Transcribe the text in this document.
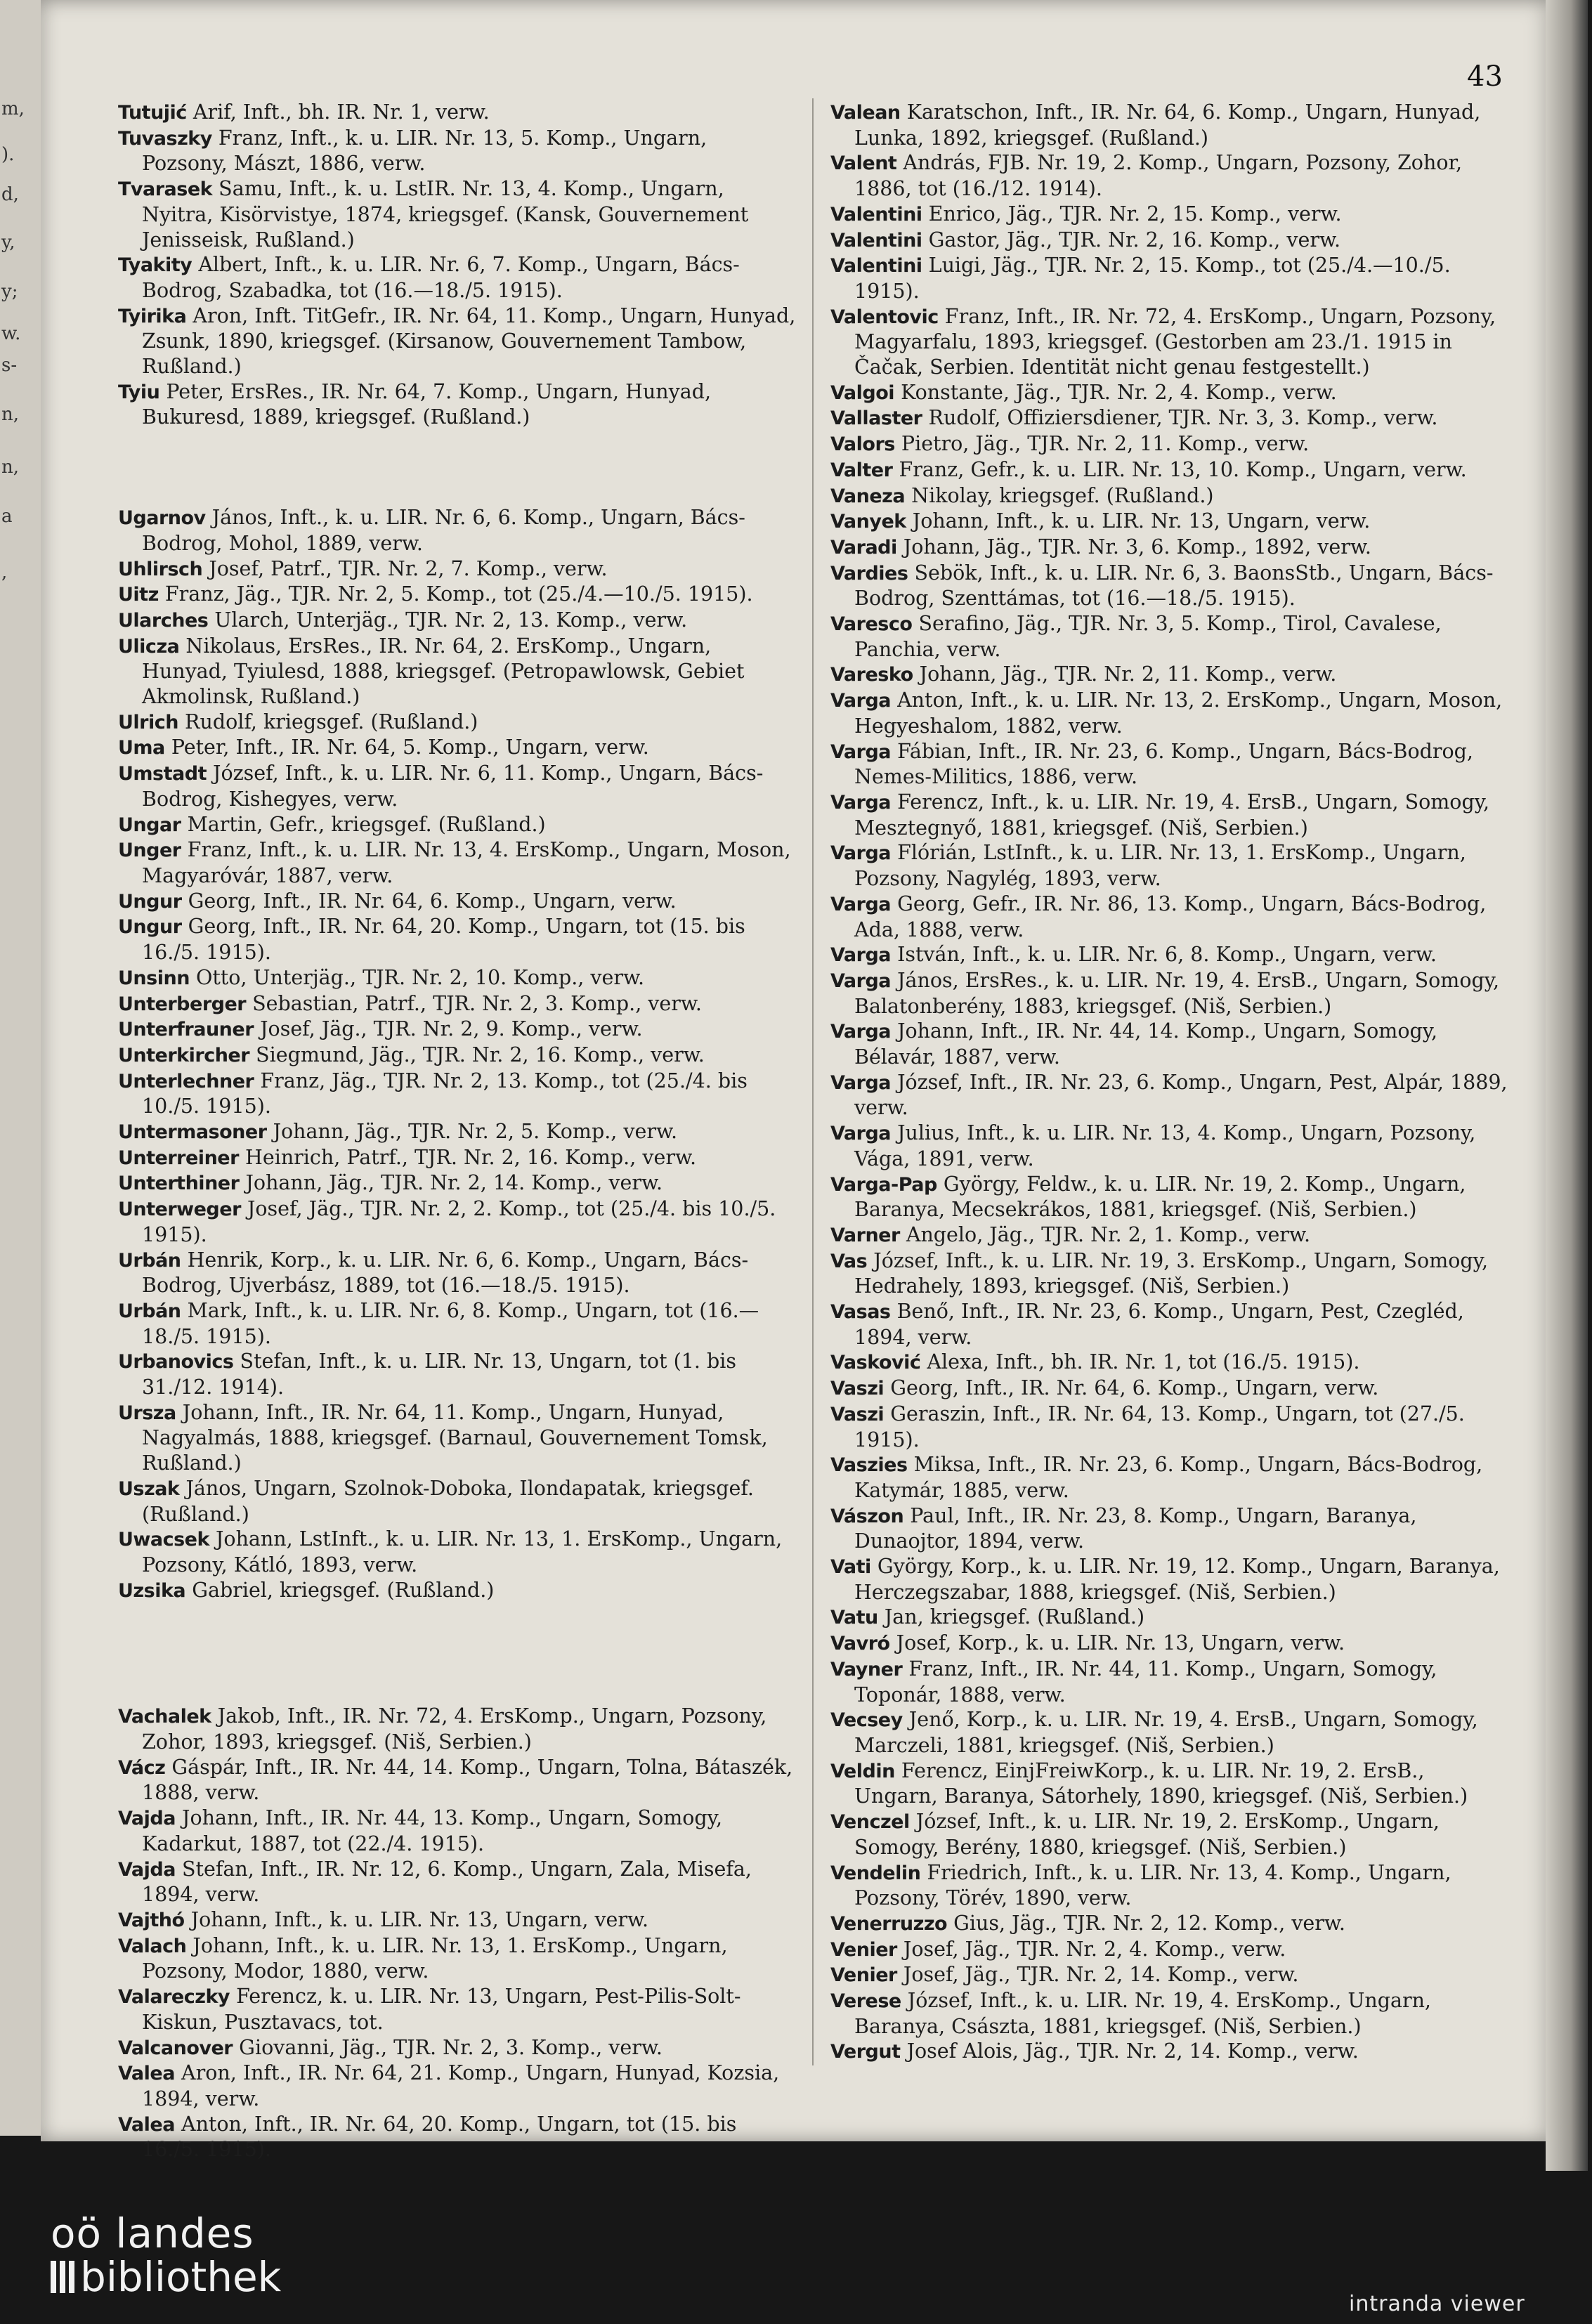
m,
).
d,
y,
y;
w.
s-
n,
n,
a
,
43

Tutujić Arif, Inft., bh. IR. Nr. 1, verw.

Tuvaszky Franz, Inft., k. u. LIR. Nr. 13, 5. Komp., Ungarn, Pozsony, Mászt, 1886, verw.

Tvarasek Samu, Inft., k. u. LstIR. Nr. 13, 4. Komp., Ungarn, Nyitra, Kisörvistye, 1874, kriegsgef. (Kansk, Gouvernement Jenisseisk, Rußland.)

Tyakity Albert, Inft., k. u. LIR. Nr. 6, 7. Komp., Ungarn, Bács-Bodrog, Szabadka, tot (16.—18./5. 1915).

Tyirika Aron, Inft. TitGefr., IR. Nr. 64, 11. Komp., Ungarn, Hunyad, Zsunk, 1890, kriegsgef. (Kirsanow, Gouvernement Tambow, Rußland.)

Tyiu Peter, ErsRes., IR. Nr. 64, 7. Komp., Ungarn, Hunyad, Bukuresd, 1889, kriegsgef. (Rußland.)

Ugarnov János, Inft., k. u. LIR. Nr. 6, 6. Komp., Ungarn, Bács-Bodrog, Mohol, 1889, verw.

Uhlirsch Josef, Patrf., TJR. Nr. 2, 7. Komp., verw.

Uitz Franz, Jäg., TJR. Nr. 2, 5. Komp., tot (25./4.—10./5. 1915).

Ularches Ularch, Unterjäg., TJR. Nr. 2, 13. Komp., verw.

Ulicza Nikolaus, ErsRes., IR. Nr. 64, 2. ErsKomp., Ungarn, Hunyad, Tyiulesd, 1888, kriegsgef. (Petropawlowsk, Gebiet Akmolinsk, Rußland.)

Ulrich Rudolf, kriegsgef. (Rußland.)

Uma Peter, Inft., IR. Nr. 64, 5. Komp., Ungarn, verw.

Umstadt József, Inft., k. u. LIR. Nr. 6, 11. Komp., Ungarn, Bács-Bodrog, Kishegyes, verw.

Ungar Martin, Gefr., kriegsgef. (Rußland.)

Unger Franz, Inft., k. u. LIR. Nr. 13, 4. ErsKomp., Ungarn, Moson, Magyaróvár, 1887, verw.

Ungur Georg, Inft., IR. Nr. 64, 6. Komp., Ungarn, verw.

Ungur Georg, Inft., IR. Nr. 64, 20. Komp., Ungarn, tot (15. bis 16./5. 1915).

Unsinn Otto, Unterjäg., TJR. Nr. 2, 10. Komp., verw.

Unterberger Sebastian, Patrf., TJR. Nr. 2, 3. Komp., verw.

Unterfrauner Josef, Jäg., TJR. Nr. 2, 9. Komp., verw.

Unterkircher Siegmund, Jäg., TJR. Nr. 2, 16. Komp., verw.

Unterlechner Franz, Jäg., TJR. Nr. 2, 13. Komp., tot (25./4. bis 10./5. 1915).

Untermasoner Johann, Jäg., TJR. Nr. 2, 5. Komp., verw.

Unterreiner Heinrich, Patrf., TJR. Nr. 2, 16. Komp., verw.

Unterthiner Johann, Jäg., TJR. Nr. 2, 14. Komp., verw.

Unterweger Josef, Jäg., TJR. Nr. 2, 2. Komp., tot (25./4. bis 10./5. 1915).

Urbán Henrik, Korp., k. u. LIR. Nr. 6, 6. Komp., Ungarn, Bács-Bodrog, Ujverbász, 1889, tot (16.—18./5. 1915).

Urbán Mark, Inft., k. u. LIR. Nr. 6, 8. Komp., Ungarn, tot (16.—18./5. 1915).

Urbanovics Stefan, Inft., k. u. LIR. Nr. 13, Ungarn, tot (1. bis 31./12. 1914).

Ursza Johann, Inft., IR. Nr. 64, 11. Komp., Ungarn, Hunyad, Nagyalmás, 1888, kriegsgef. (Barnaul, Gouvernement Tomsk, Rußland.)

Uszak János, Ungarn, Szolnok-Doboka, Ilondapatak, kriegsgef. (Rußland.)

Uwacsek Johann, LstInft., k. u. LIR. Nr. 13, 1. ErsKomp., Ungarn, Pozsony, Kátló, 1893, verw.

Uzsika Gabriel, kriegsgef. (Rußland.)

Vachalek Jakob, Inft., IR. Nr. 72, 4. ErsKomp., Ungarn, Pozsony, Zohor, 1893, kriegsgef. (Niš, Serbien.)

Vácz Gáspár, Inft., IR. Nr. 44, 14. Komp., Ungarn, Tolna, Bátaszék, 1888, verw.

Vajda Johann, Inft., IR. Nr. 44, 13. Komp., Ungarn, Somogy, Kadarkut, 1887, tot (22./4. 1915).

Vajda Stefan, Inft., IR. Nr. 12, 6. Komp., Ungarn, Zala, Misefa, 1894, verw.

Vajthó Johann, Inft., k. u. LIR. Nr. 13, Ungarn, verw.

Valach Johann, Inft., k. u. LIR. Nr. 13, 1. ErsKomp., Ungarn, Pozsony, Modor, 1880, verw.

Valareczky Ferencz, k. u. LIR. Nr. 13, Ungarn, Pest-Pilis-Solt-Kiskun, Pusztavacs, tot.

Valcanover Giovanni, Jäg., TJR. Nr. 2, 3. Komp., verw.

Valea Aron, Inft., IR. Nr. 64, 21. Komp., Ungarn, Hunyad, Kozsia, 1894, verw.

Valea Anton, Inft., IR. Nr. 64, 20. Komp., Ungarn, tot (15. bis 16./5. 1915).

Valean Karatschon, Inft., IR. Nr. 64, 6. Komp., Ungarn, Hunyad, Lunka, 1892, kriegsgef. (Rußland.)

Valent András, FJB. Nr. 19, 2. Komp., Ungarn, Pozsony, Zohor, 1886, tot (16./12. 1914).

Valentini Enrico, Jäg., TJR. Nr. 2, 15. Komp., verw.

Valentini Gastor, Jäg., TJR. Nr. 2, 16. Komp., verw.

Valentini Luigi, Jäg., TJR. Nr. 2, 15. Komp., tot (25./4.—10./5. 1915).

Valentovic Franz, Inft., IR. Nr. 72, 4. ErsKomp., Ungarn, Pozsony, Magyarfalu, 1893, kriegsgef. (Gestorben am 23./1. 1915 in Čačak, Serbien. Identität nicht genau festgestellt.)

Valgoi Konstante, Jäg., TJR. Nr. 2, 4. Komp., verw.

Vallaster Rudolf, Offiziersdiener, TJR. Nr. 3, 3. Komp., verw.

Valors Pietro, Jäg., TJR. Nr. 2, 11. Komp., verw.

Valter Franz, Gefr., k. u. LIR. Nr. 13, 10. Komp., Ungarn, verw.

Vaneza Nikolay, kriegsgef. (Rußland.)

Vanyek Johann, Inft., k. u. LIR. Nr. 13, Ungarn, verw.

Varadi Johann, Jäg., TJR. Nr. 3, 6. Komp., 1892, verw.

Vardies Sebök, Inft., k. u. LIR. Nr. 6, 3. BaonsStb., Ungarn, Bács-Bodrog, Szenttámas, tot (16.—18./5. 1915).

Varesco Serafino, Jäg., TJR. Nr. 3, 5. Komp., Tirol, Cavalese, Panchia, verw.

Varesko Johann, Jäg., TJR. Nr. 2, 11. Komp., verw.

Varga Anton, Inft., k. u. LIR. Nr. 13, 2. ErsKomp., Ungarn, Moson, Hegyeshalom, 1882, verw.

Varga Fábian, Inft., IR. Nr. 23, 6. Komp., Ungarn, Bács-Bodrog, Nemes-Militics, 1886, verw.

Varga Ferencz, Inft., k. u. LIR. Nr. 19, 4. ErsB., Ungarn, Somogy, Mesztegnyő, 1881, kriegsgef. (Niš, Serbien.)

Varga Flórián, LstInft., k. u. LIR. Nr. 13, 1. ErsKomp., Ungarn, Pozsony, Nagylég, 1893, verw.

Varga Georg, Gefr., IR. Nr. 86, 13. Komp., Ungarn, Bács-Bodrog, Ada, 1888, verw.

Varga István, Inft., k. u. LIR. Nr. 6, 8. Komp., Ungarn, verw.

Varga János, ErsRes., k. u. LIR. Nr. 19, 4. ErsB., Ungarn, Somogy, Balatonberény, 1883, kriegsgef. (Niš, Serbien.)

Varga Johann, Inft., IR. Nr. 44, 14. Komp., Ungarn, Somogy, Bélavár, 1887, verw.

Varga József, Inft., IR. Nr. 23, 6. Komp., Ungarn, Pest, Alpár, 1889, verw.

Varga Julius, Inft., k. u. LIR. Nr. 13, 4. Komp., Ungarn, Pozsony, Vága, 1891, verw.

Varga-Pap György, Feldw., k. u. LIR. Nr. 19, 2. Komp., Ungarn, Baranya, Mecsekrákos, 1881, kriegsgef. (Niš, Serbien.)

Varner Angelo, Jäg., TJR. Nr. 2, 1. Komp., verw.

Vas József, Inft., k. u. LIR. Nr. 19, 3. ErsKomp., Ungarn, Somogy, Hedrahely, 1893, kriegsgef. (Niš, Serbien.)

Vasas Benő, Inft., IR. Nr. 23, 6. Komp., Ungarn, Pest, Czegléd, 1894, verw.

Vasković Alexa, Inft., bh. IR. Nr. 1, tot (16./5. 1915).

Vaszi Georg, Inft., IR. Nr. 64, 6. Komp., Ungarn, verw.

Vaszi Geraszin, Inft., IR. Nr. 64, 13. Komp., Ungarn, tot (27./5. 1915).

Vaszies Miksa, Inft., IR. Nr. 23, 6. Komp., Ungarn, Bács-Bodrog, Katymár, 1885, verw.

Vászon Paul, Inft., IR. Nr. 23, 8. Komp., Ungarn, Baranya, Dunaojtor, 1894, verw.

Vati György, Korp., k. u. LIR. Nr. 19, 12. Komp., Ungarn, Baranya, Herczegszabar, 1888, kriegsgef. (Niš, Serbien.)

Vatu Jan, kriegsgef. (Rußland.)

Vavró Josef, Korp., k. u. LIR. Nr. 13, Ungarn, verw.

Vayner Franz, Inft., IR. Nr. 44, 11. Komp., Ungarn, Somogy, Toponár, 1888, verw.

Vecsey Jenő, Korp., k. u. LIR. Nr. 19, 4. ErsB., Ungarn, Somogy, Marczeli, 1881, kriegsgef. (Niš, Serbien.)

Veldin Ferencz, EinjFreiwKorp., k. u. LIR. Nr. 19, 2. ErsB., Ungarn, Baranya, Sátorhely, 1890, kriegsgef. (Niš, Serbien.)

Venczel József, Inft., k. u. LIR. Nr. 19, 2. ErsKomp., Ungarn, Somogy, Berény, 1880, kriegsgef. (Niš, Serbien.)

Vendelin Friedrich, Inft., k. u. LIR. Nr. 13, 4. Komp., Ungarn, Pozsony, Törév, 1890, verw.

Venerruzzo Gius, Jäg., TJR. Nr. 2, 12. Komp., verw.

Venier Josef, Jäg., TJR. Nr. 2, 4. Komp., verw.

Venier Josef, Jäg., TJR. Nr. 2, 14. Komp., verw.

Verese József, Inft., k. u. LIR. Nr. 19, 4. ErsKomp., Ungarn, Baranya, Császta, 1881, kriegsgef. (Niš, Serbien.)

Vergut Josef Alois, Jäg., TJR. Nr. 2, 14. Komp., verw.

oö landes
bibliothek
intranda viewer
